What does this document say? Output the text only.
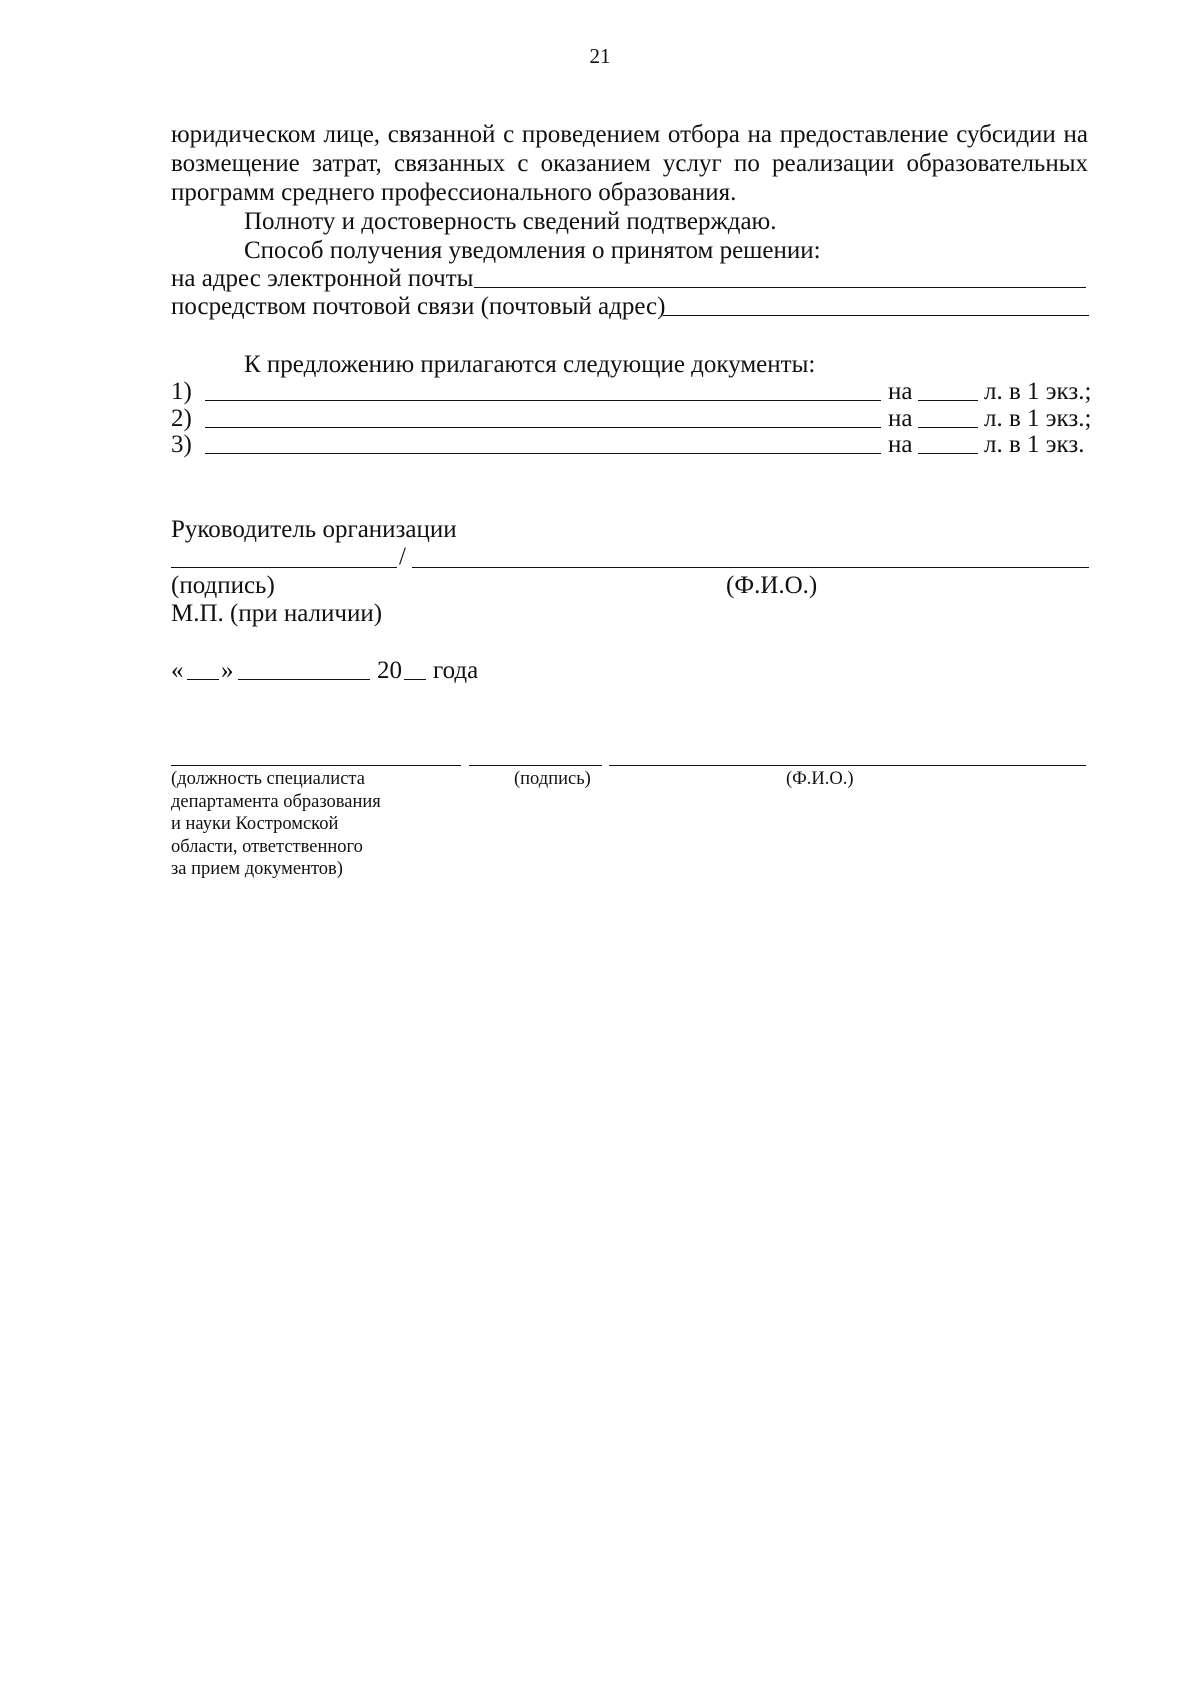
21
юридическом лице, связанной с проведением отбора на предоставление субсидии на возмещение затрат, связанных с оказанием услуг по реализации образовательных программ среднего профессионального образования.
Полноту и достоверность сведений подтверждаю.
Способ получения уведомления о принятом решении:
на адрес электронной почты
посредством почтовой связи (почтовый адрес)
К предложению прилагаются следующие документы:
1)	на	л. в 1 экз.;
2)	на	л. в 1 экз.;
3)	на	л. в 1 экз.
Руководитель организации
/
(подпись)	(Ф.И.О.)
М.П. (при наличии)
« »	20 года
(должность специалиста
департамента образования
и науки Костромской
области, ответственного
за прием документов)
(подпись)	(Ф.И.О.)
